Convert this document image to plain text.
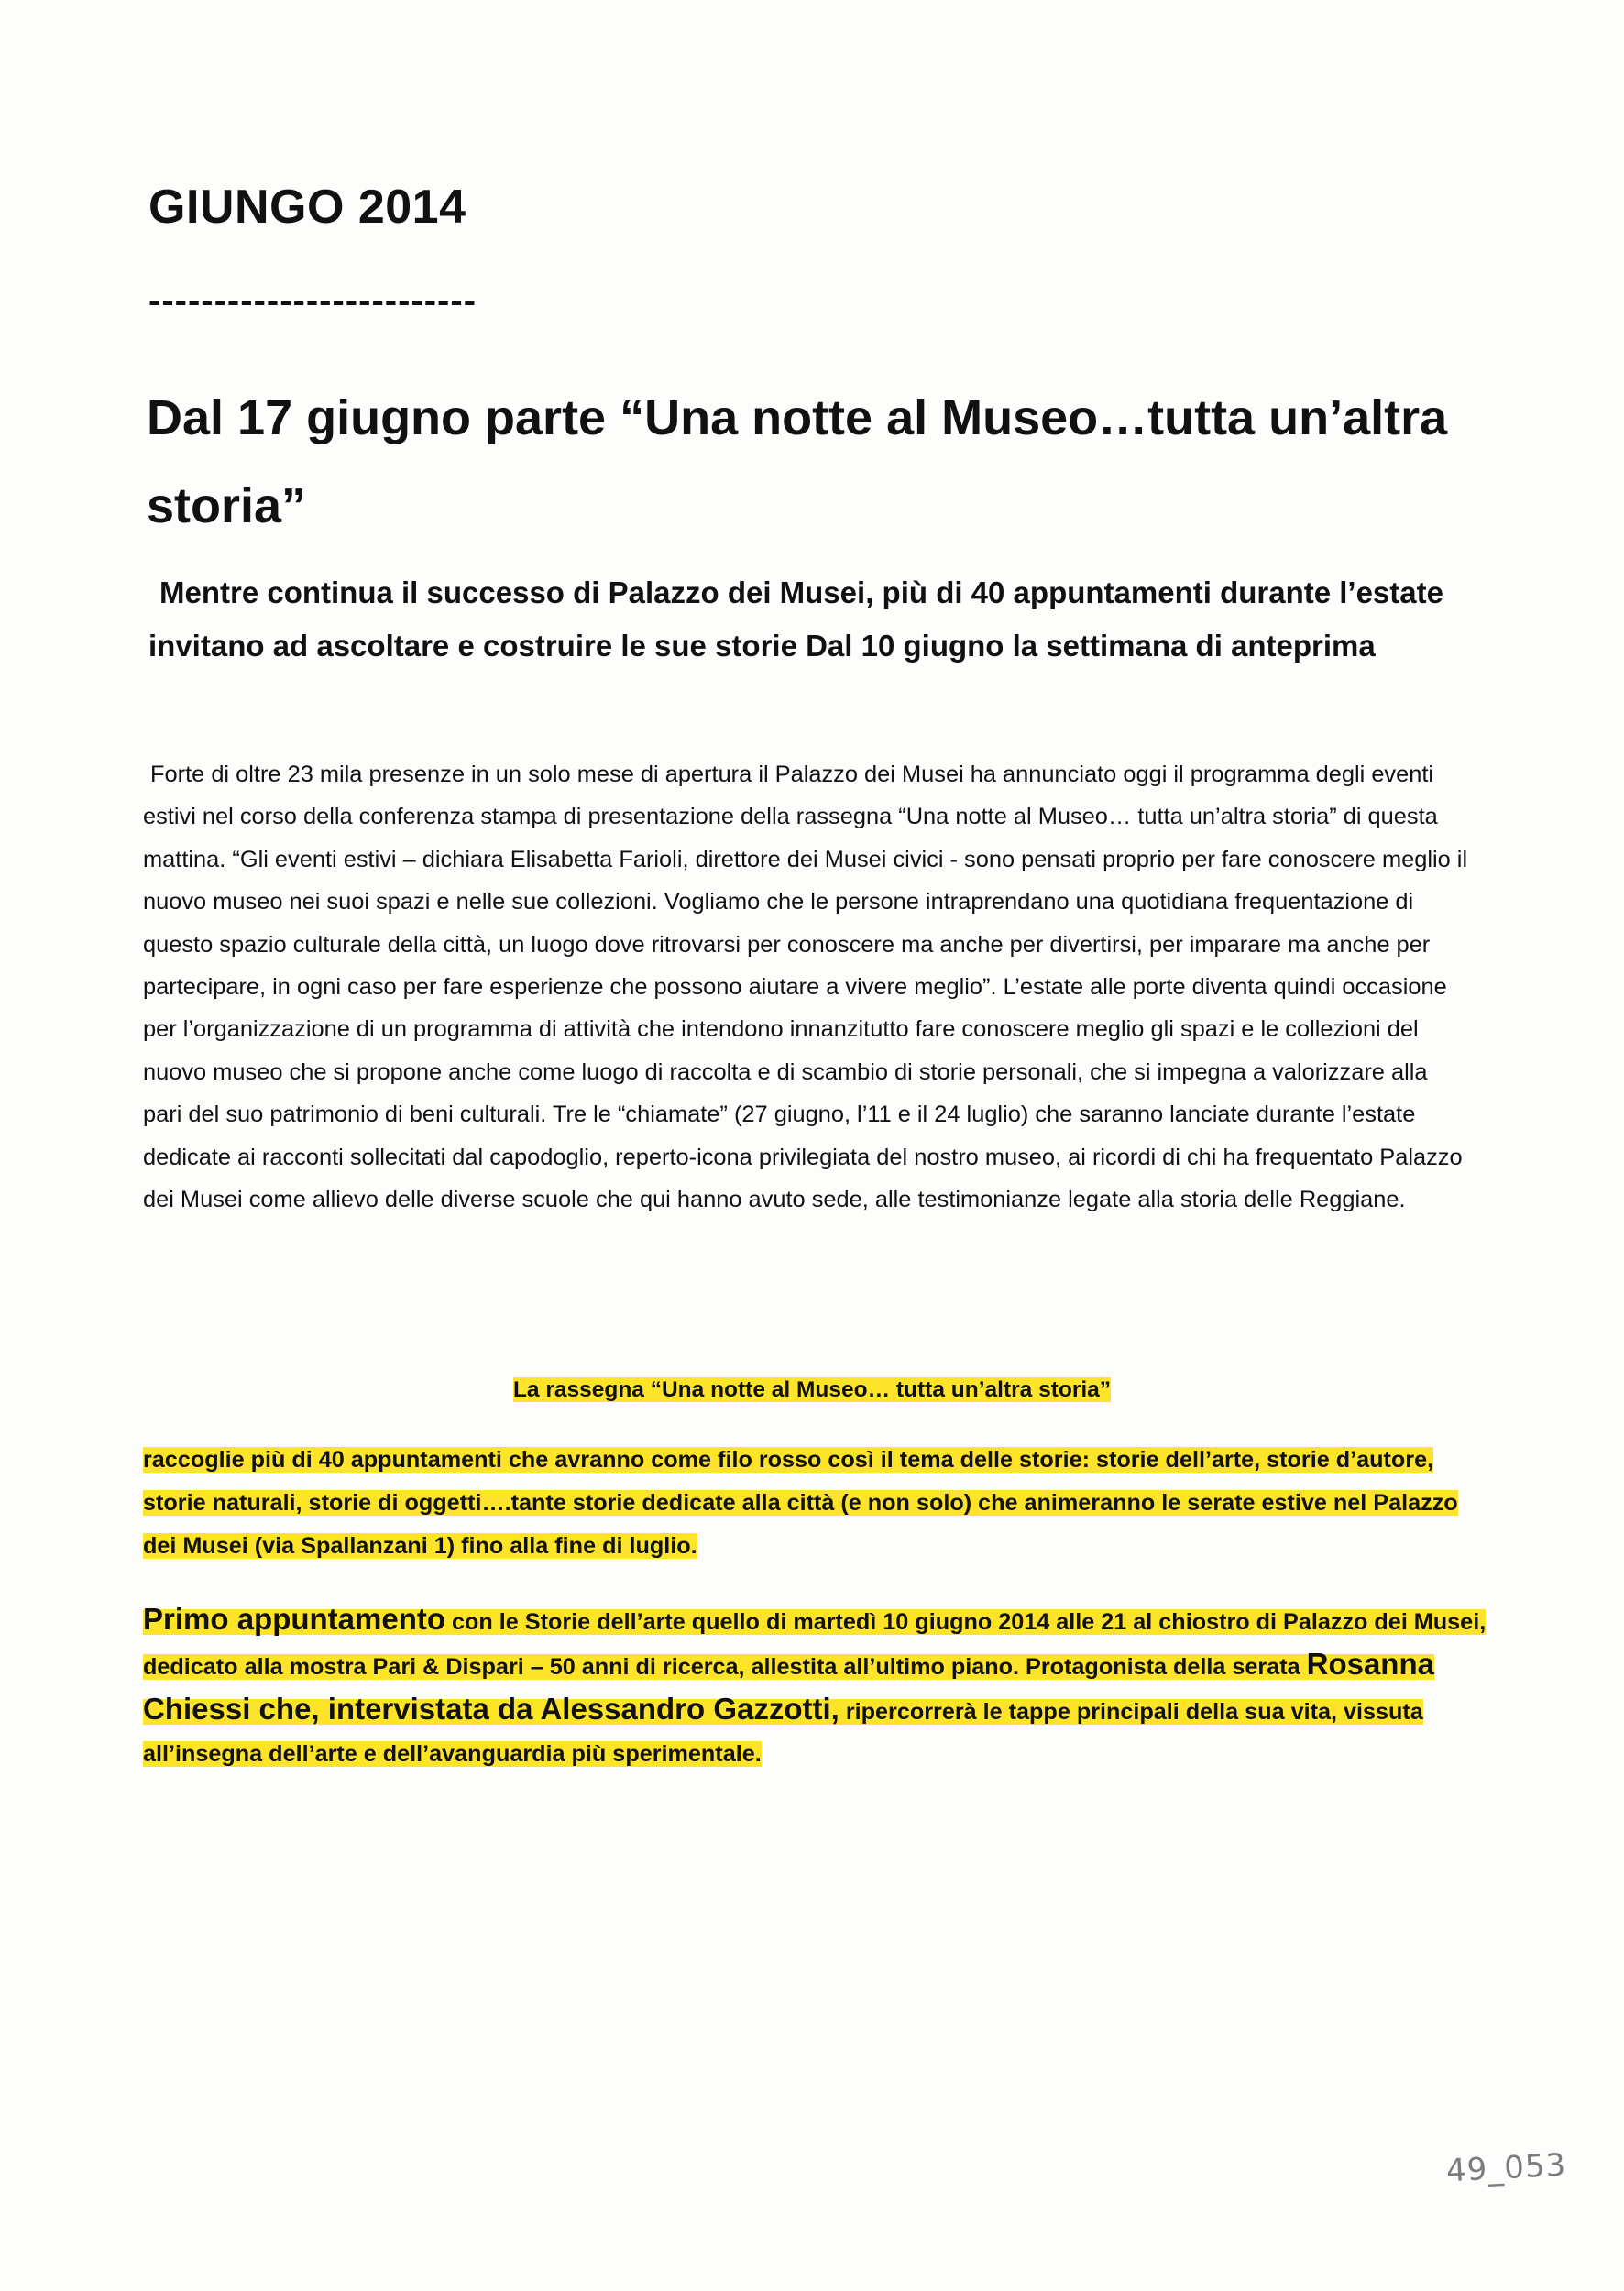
GIUNGO 2014
-------------------------
Dal 17 giugno parte “Una notte al Museo…tutta un’altra storia”

Mentre continua il successo di Palazzo dei Musei, più di 40 appuntamenti durante l’estate invitano ad ascoltare e costruire le sue storie Dal 10 giugno la settimana di anteprima

Forte di oltre 23 mila presenze in un solo mese di apertura il Palazzo dei Musei ha annunciato oggi il programma degli eventi estivi nel corso della conferenza stampa di presentazione della rassegna “Una notte al Museo… tutta un’altra storia” di questa mattina. “Gli eventi estivi – dichiara Elisabetta Farioli, direttore dei Musei civici - sono pensati proprio per fare conoscere meglio il nuovo museo nei suoi spazi e nelle sue collezioni. Vogliamo che le persone intraprendano una quotidiana frequentazione di questo spazio culturale della città, un luogo dove ritrovarsi per conoscere ma anche per divertirsi, per imparare ma anche per partecipare, in ogni caso per fare esperienze che possono aiutare a vivere meglio”. L’estate alle porte diventa quindi occasione per l’organizzazione di un programma di attività che intendono innanzitutto fare conoscere meglio gli spazi e le collezioni del nuovo museo che si propone anche come luogo di raccolta e di scambio di storie personali, che si impegna a valorizzare alla pari del suo patrimonio di beni culturali. Tre le “chiamate” (27 giugno, l’11 e il 24 luglio) che saranno lanciate durante l’estate dedicate ai racconti sollecitati dal capodoglio, reperto-icona privilegiata del nostro museo, ai ricordi di chi ha frequentato Palazzo dei Musei come allievo delle diverse scuole che qui hanno avuto sede, alle testimonianze legate alla storia delle Reggiane.

La rassegna “Una notte al Museo… tutta un’altra storia”

raccoglie più di 40 appuntamenti che avranno come filo rosso così il tema delle storie: storie dell’arte, storie d’autore, storie naturali, storie di oggetti….tante storie dedicate alla città (e non solo) che animeranno le serate estive nel Palazzo dei Musei (via Spallanzani 1) fino alla fine di luglio.

Primo appuntamento con le Storie dell’arte quello di martedì 10 giugno 2014 alle 21 al chiostro di Palazzo dei Musei, dedicato alla mostra Pari & Dispari – 50 anni di ricerca, allestita all’ultimo piano. Protagonista della serata Rosanna Chiessi che, intervistata da Alessandro Gazzotti, ripercorrerà le tappe principali della sua vita, vissuta all’insegna dell’arte e dell’avanguardia più sperimentale.

49_053
